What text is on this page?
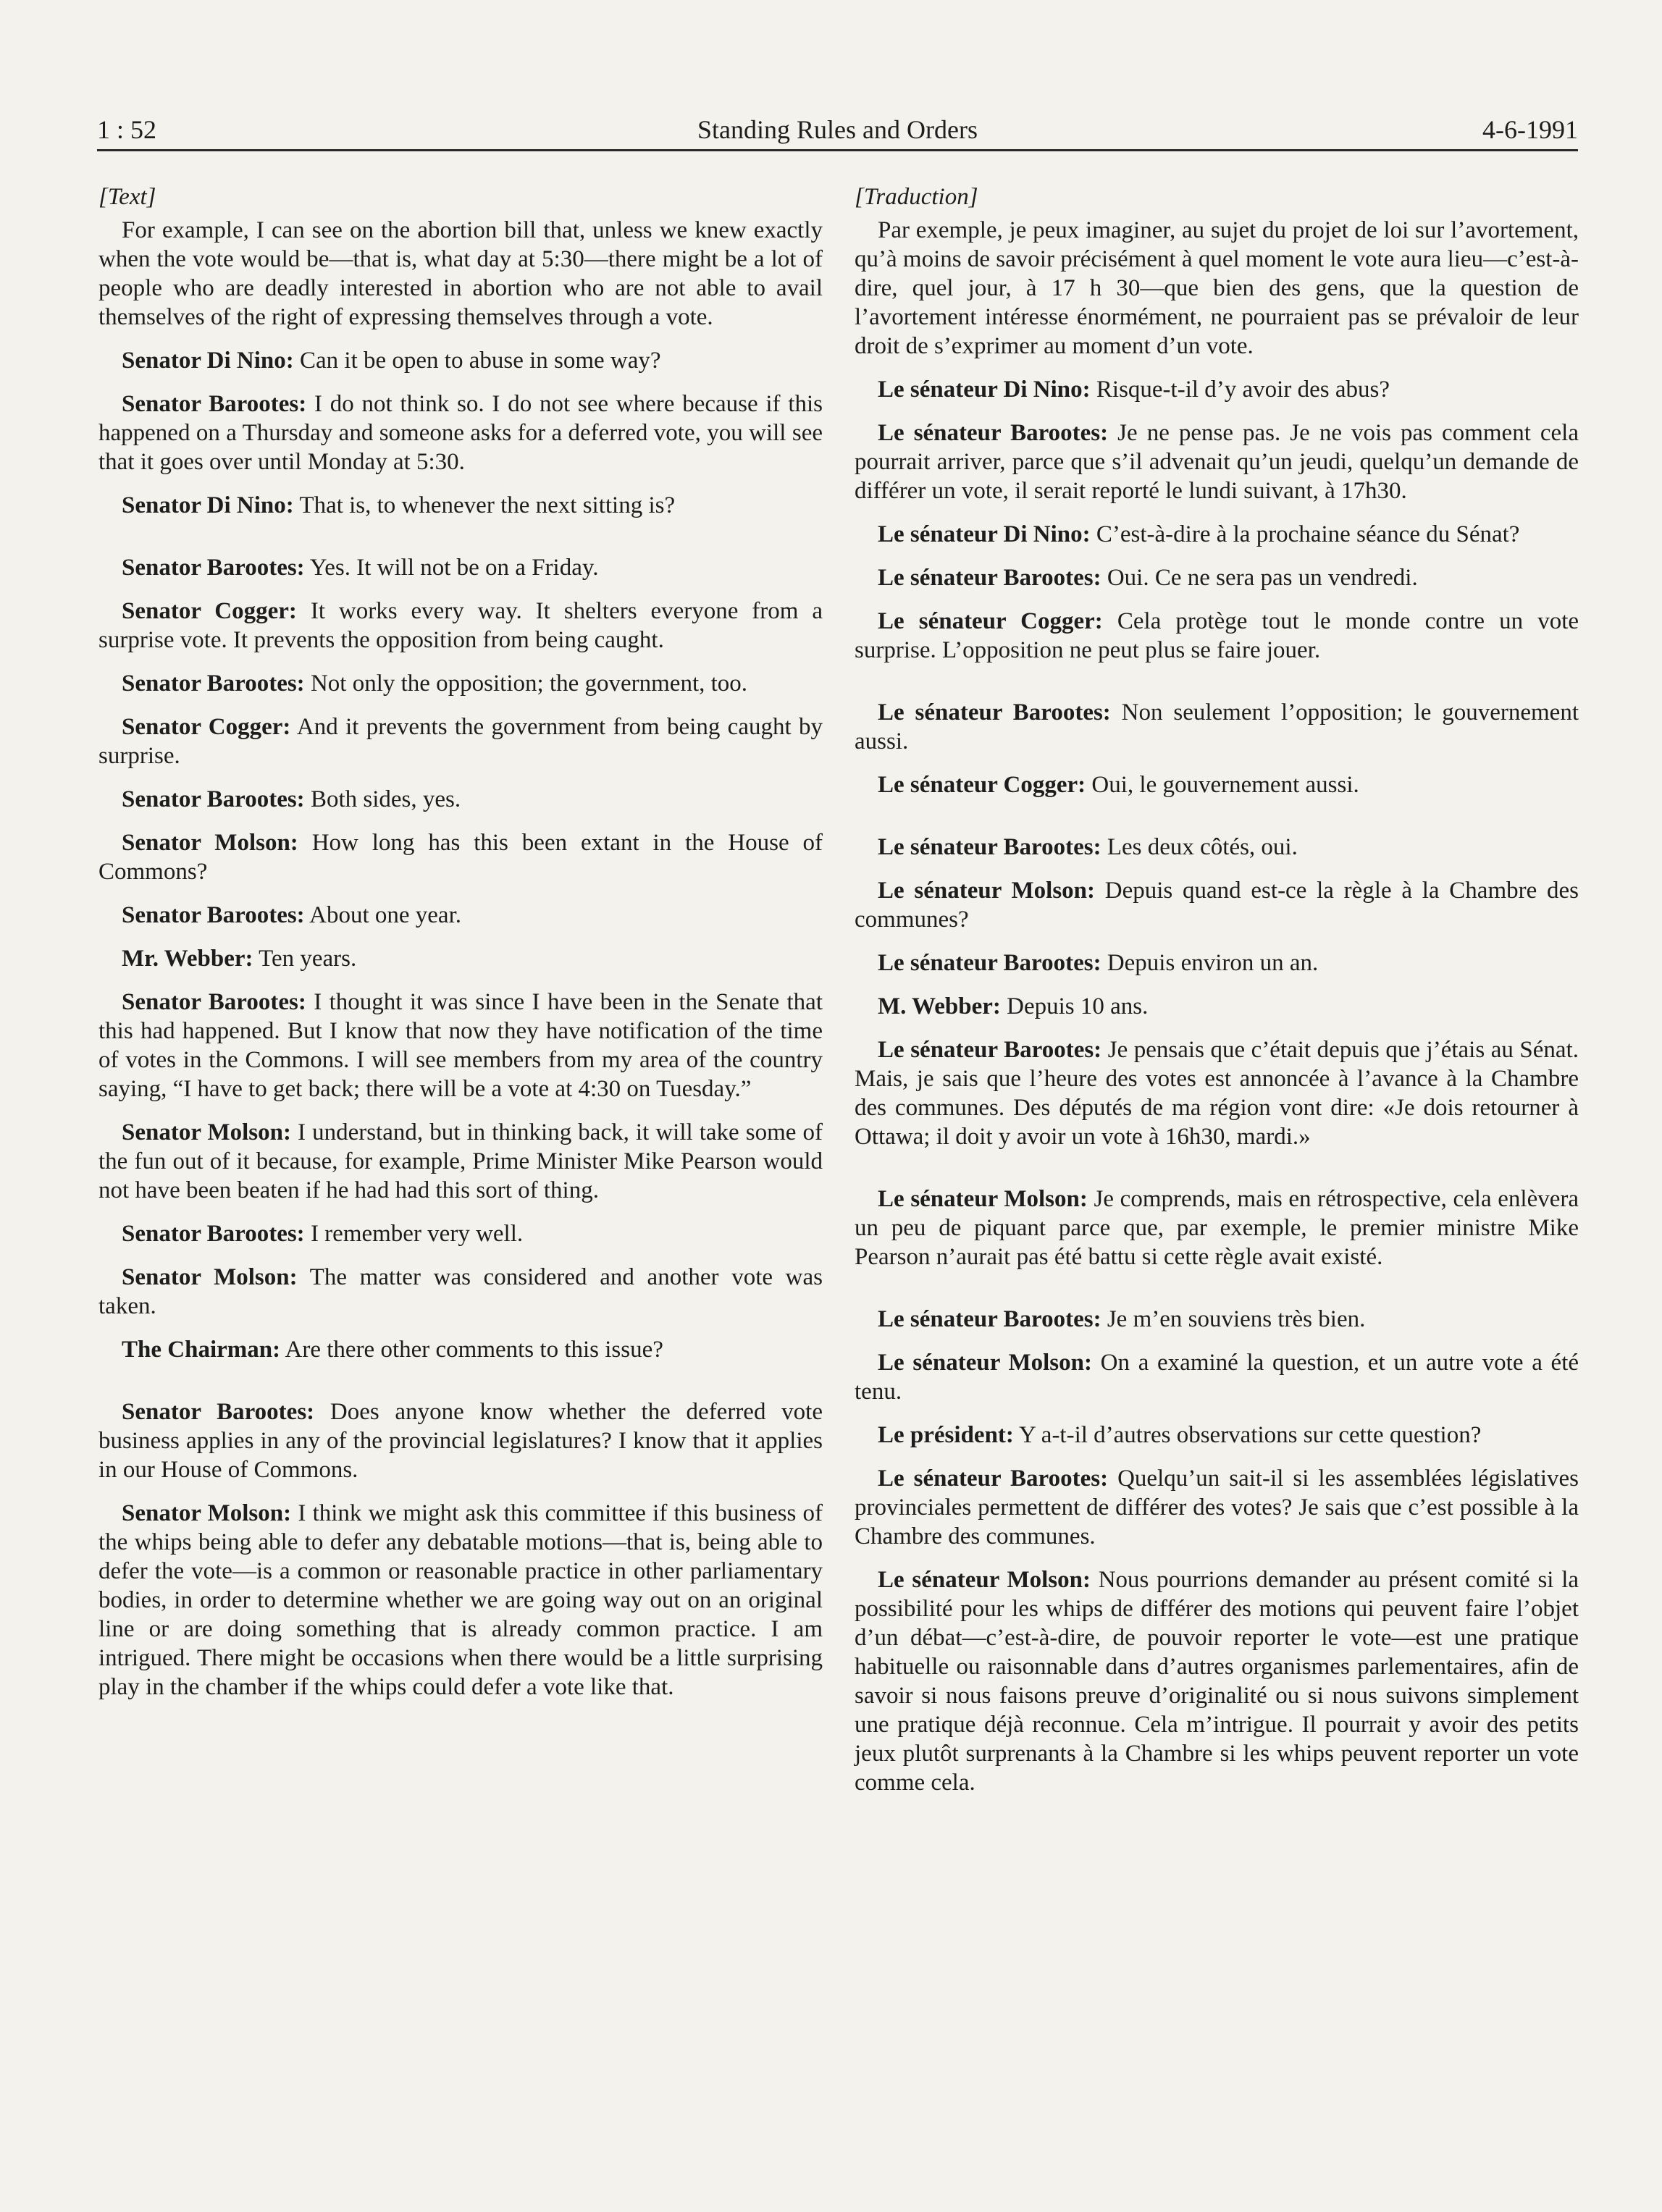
1 : 52	Standing Rules and Orders	4-6-1991
[Text]

For example, I can see on the abortion bill that, unless we knew exactly when the vote would be—that is, what day at 5:30—there might be a lot of people who are deadly interested in abortion who are not able to avail themselves of the right of expressing themselves through a vote.

Senator Di Nino: Can it be open to abuse in some way?

Senator Barootes: I do not think so. I do not see where because if this happened on a Thursday and someone asks for a deferred vote, you will see that it goes over until Monday at 5:30.

Senator Di Nino: That is, to whenever the next sitting is?

Senator Barootes: Yes. It will not be on a Friday.

Senator Cogger: It works every way. It shelters everyone from a surprise vote. It prevents the opposition from being caught.

Senator Barootes: Not only the opposition; the government, too.

Senator Cogger: And it prevents the government from being caught by surprise.

Senator Barootes: Both sides, yes.

Senator Molson: How long has this been extant in the House of Commons?

Senator Barootes: About one year.

Mr. Webber: Ten years.

Senator Barootes: I thought it was since I have been in the Senate that this had happened. But I know that now they have notification of the time of votes in the Commons. I will see members from my area of the country saying, “I have to get back; there will be a vote at 4:30 on Tuesday.”

Senator Molson: I understand, but in thinking back, it will take some of the fun out of it because, for example, Prime Minister Mike Pearson would not have been beaten if he had had this sort of thing.

Senator Barootes: I remember very well.

Senator Molson: The matter was considered and another vote was taken.

The Chairman: Are there other comments to this issue?

Senator Barootes: Does anyone know whether the deferred vote business applies in any of the provincial legislatures? I know that it applies in our House of Commons.

Senator Molson: I think we might ask this committee if this business of the whips being able to defer any debatable motions—that is, being able to defer the vote—is a common or reasonable practice in other parliamentary bodies, in order to determine whether we are going way out on an original line or are doing something that is already common practice. I am intrigued. There might be occasions when there would be a little surprising play in the chamber if the whips could defer a vote like that.

[Traduction]

Par exemple, je peux imaginer, au sujet du projet de loi sur l’avortement, qu’à moins de savoir précisément à quel moment le vote aura lieu—c’est-à-dire, quel jour, à 17 h 30—que bien des gens, que la question de l’avortement intéresse énormément, ne pourraient pas se prévaloir de leur droit de s’exprimer au moment d’un vote.

Le sénateur Di Nino: Risque-t-il d’y avoir des abus?

Le sénateur Barootes: Je ne pense pas. Je ne vois pas comment cela pourrait arriver, parce que s’il advenait qu’un jeudi, quelqu’un demande de différer un vote, il serait reporté le lundi suivant, à 17h30.

Le sénateur Di Nino: C’est-à-dire à la prochaine séance du Sénat?

Le sénateur Barootes: Oui. Ce ne sera pas un vendredi.

Le sénateur Cogger: Cela protège tout le monde contre un vote surprise. L’opposition ne peut plus se faire jouer.

Le sénateur Barootes: Non seulement l’opposition; le gouvernement aussi.

Le sénateur Cogger: Oui, le gouvernement aussi.

Le sénateur Barootes: Les deux côtés, oui.

Le sénateur Molson: Depuis quand est-ce la règle à la Chambre des communes?

Le sénateur Barootes: Depuis environ un an.

M. Webber: Depuis 10 ans.

Le sénateur Barootes: Je pensais que c’était depuis que j’étais au Sénat. Mais, je sais que l’heure des votes est annoncée à l’avance à la Chambre des communes. Des députés de ma région vont dire: «Je dois retourner à Ottawa; il doit y avoir un vote à 16h30, mardi.»

Le sénateur Molson: Je comprends, mais en rétrospective, cela enlèvera un peu de piquant parce que, par exemple, le premier ministre Mike Pearson n’aurait pas été battu si cette règle avait existé.

Le sénateur Barootes: Je m’en souviens très bien.

Le sénateur Molson: On a examiné la question, et un autre vote a été tenu.

Le président: Y a-t-il d’autres observations sur cette question?

Le sénateur Barootes: Quelqu’un sait-il si les assemblées législatives provinciales permettent de différer des votes? Je sais que c’est possible à la Chambre des communes.

Le sénateur Molson: Nous pourrions demander au présent comité si la possibilité pour les whips de différer des motions qui peuvent faire l’objet d’un débat—c’est-à-dire, de pouvoir reporter le vote—est une pratique habituelle ou raisonnable dans d’autres organismes parlementaires, afin de savoir si nous faisons preuve d’originalité ou si nous suivons simplement une pratique déjà reconnue. Cela m’intrigue. Il pourrait y avoir des petits jeux plutôt surprenants à la Chambre si les whips peuvent reporter un vote comme cela.
